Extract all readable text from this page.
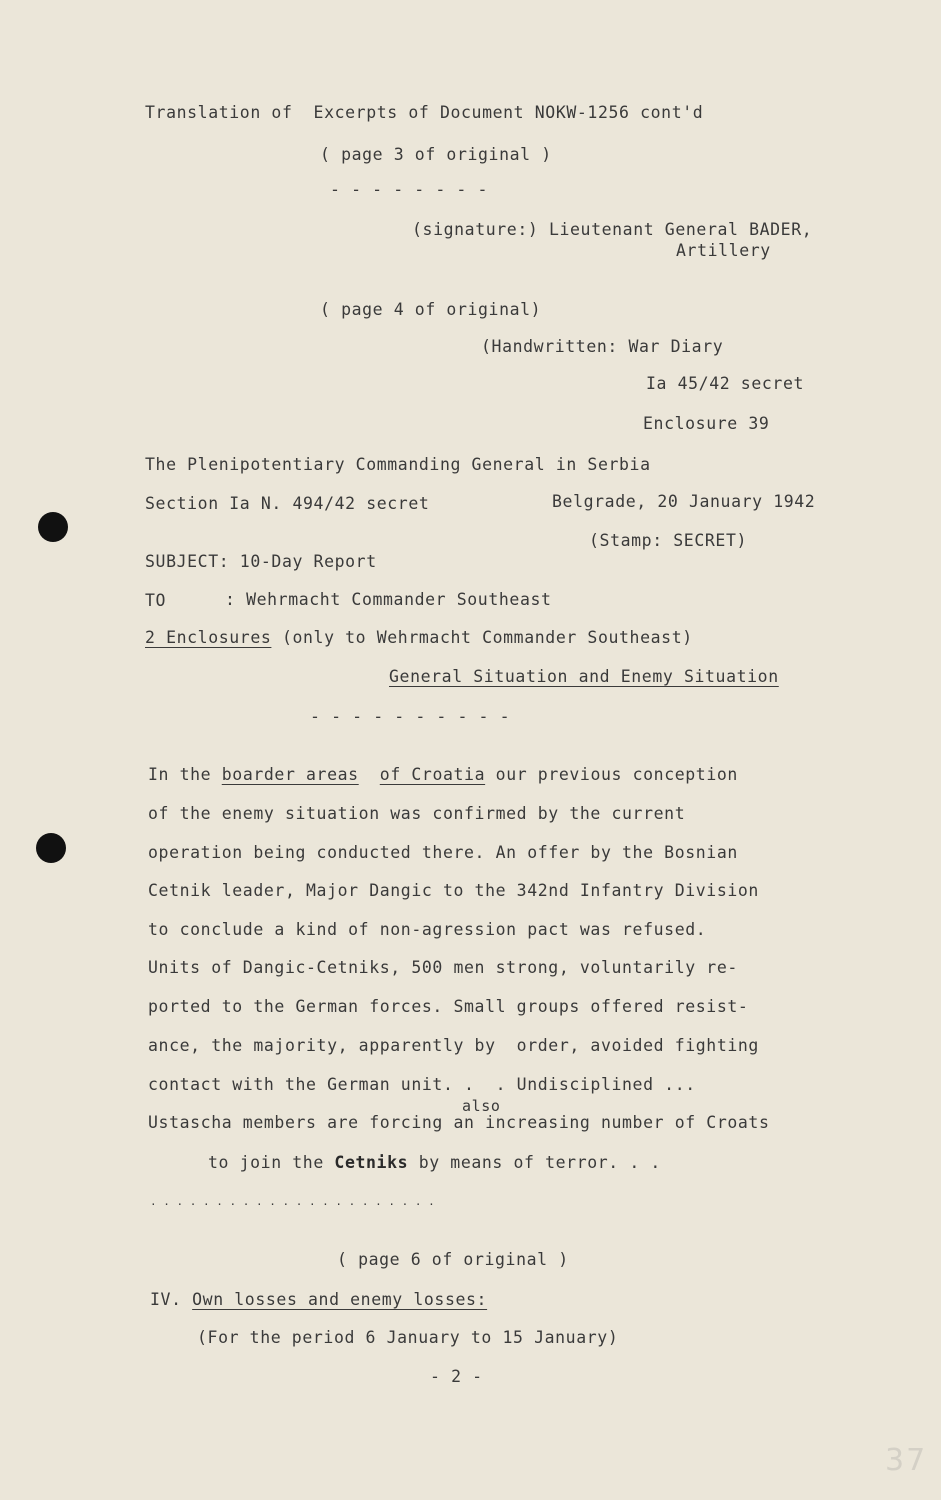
Translation of  Excerpts of Document NOKW-1256 cont'd
( page 3 of original )
- - - - - - - -
(signature:) Lieutenant General BADER,
Artillery
( page 4 of original)
(Handwritten: War Diary
Ia 45/42 secret
Enclosure 39
The Plenipotentiary Commanding General in Serbia
Section Ia N. 494/42 secret	Belgrade, 20 January 1942
(Stamp: SECRET)
SUBJECT: 10-Day Report
TO	: Wehrmacht Commander Southeast
2 Enclosures (only to Wehrmacht Commander Southeast)
General Situation and Enemy Situation
- - - - - - - - - -
In the boarder areas of Croatia our previous conception
of the enemy situation was confirmed by the current
operation being conducted there. An offer by the Bosnian
Cetnik leader, Major Dangic to the 342nd Infantry Division
to conclude a kind of non-agression pact was refused.
Units of Dangic-Cetniks, 500 men strong, voluntarily re-
ported to the German forces. Small groups offered resist-
ance, the majority, apparently by  order, avoided fighting
contact with the German unit. .  . Undisciplined ...
also
Ustascha members are forcing an increasing number of Croats
to join the Cetniks by means of terror. . .
. . . . . . . . . . . . . . . . . . . . . .
( page 6 of original )
IV. Own losses and enemy losses:
(For the period 6 January to 15 January)
- 2 -
37
